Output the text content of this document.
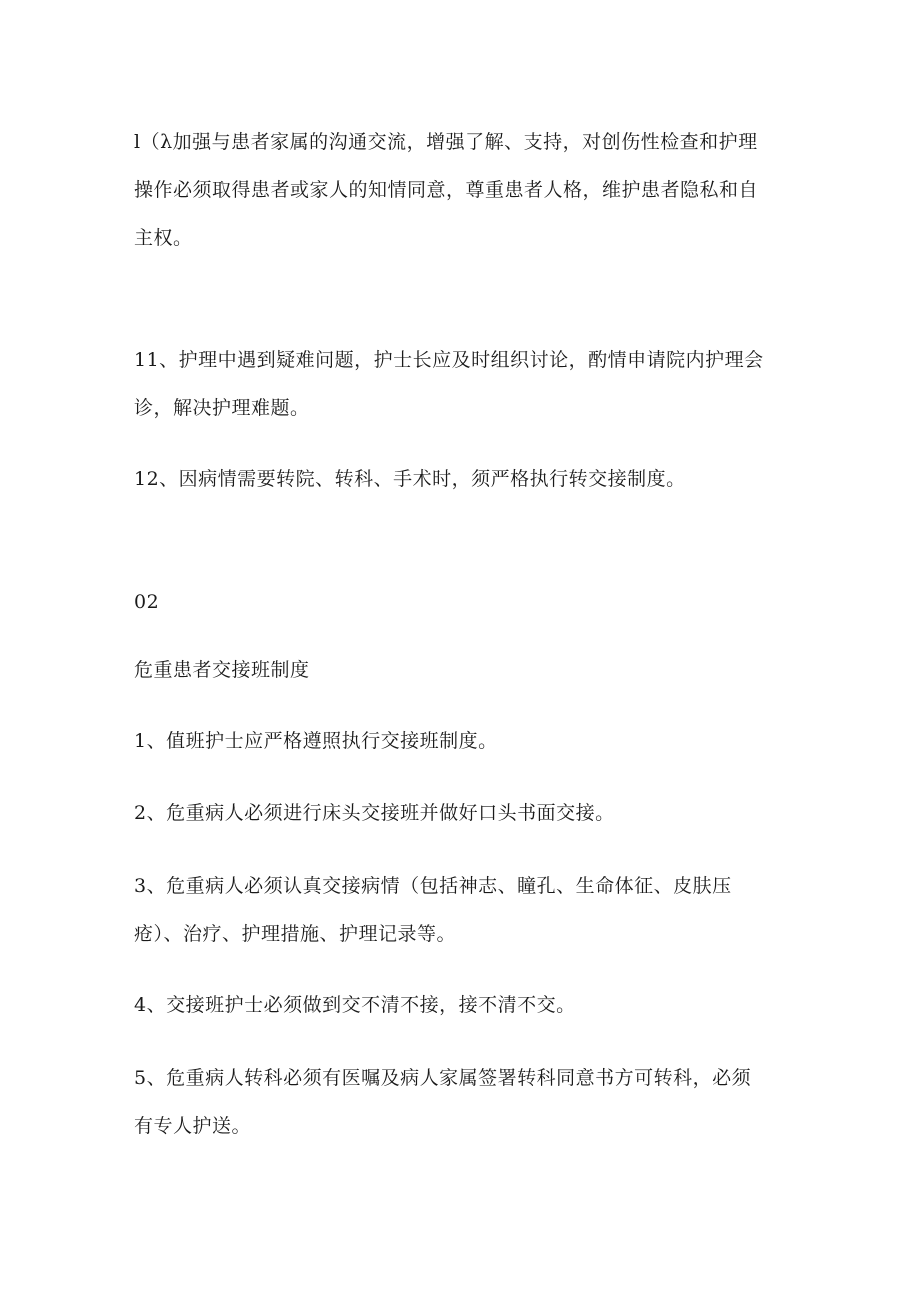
l（λ加强与患者家属的沟通交流，增强了解、支持，对创伤性检查和护理
操作必须取得患者或家人的知情同意，尊重患者人格，维护患者隐私和自
主权。

11、护理中遇到疑难问题，护士长应及时组织讨论，酌情申请院内护理会
诊，解决护理难题。

12、因病情需要转院、转科、手术时，须严格执行转交接制度。

02

危重患者交接班制度

1、值班护士应严格遵照执行交接班制度。

2、危重病人必须进行床头交接班并做好口头书面交接。

3、危重病人必须认真交接病情（包括神志、瞳孔、生命体征、皮肤压
疮）、治疗、护理措施、护理记录等。

4、交接班护士必须做到交不清不接，接不清不交。

5、危重病人转科必须有医嘱及病人家属签署转科同意书方可转科，必须
有专人护送。
